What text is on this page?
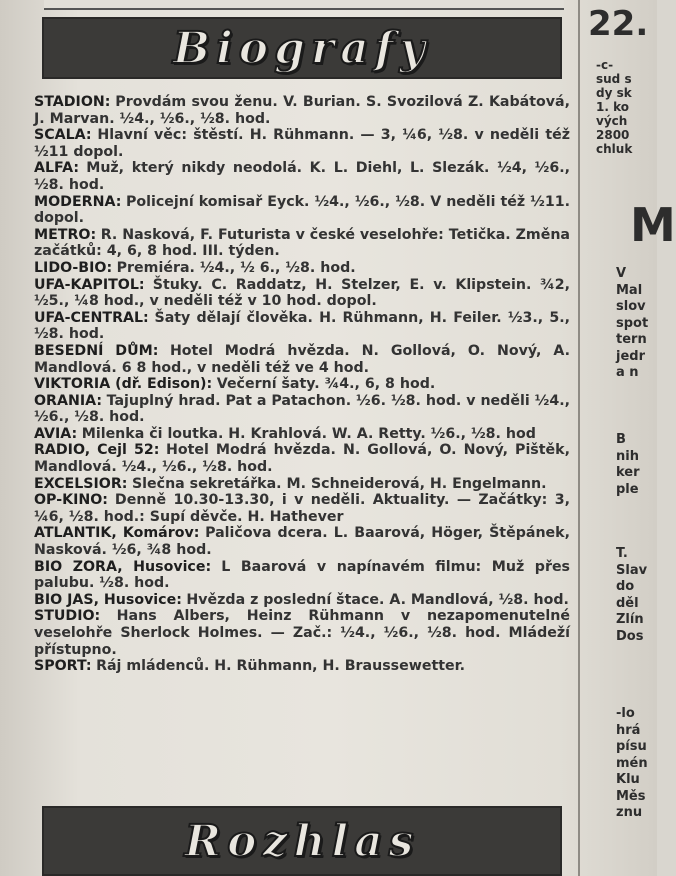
Biografy
STADION: Provdám svou ženu. V. Burian. S. Svozilová Z. Kabátová, J. Marvan. ½4., ½6., ½8. hod.
SCALA: Hlavní věc: štěstí. H. Rühmann. — 3, ¼6, ½8. v neděli též ½11 dopol.
ALFA: Muž, který nikdy neodolá. K. L. Diehl, L. Slezák. ½4, ½6., ½8. hod.
MODERNA: Policejní komisař Eyck. ½4., ½6., ½8. V neděli též ½11. dopol.
METRO: R. Nasková, F. Futurista v české veselohře: Tetička. Změna začátků: 4, 6, 8 hod. III. týden.
LIDO-BIO: Premiéra. ½4., ½ 6., ½8. hod.
UFA-KAPITOL: Štuky. C. Raddatz, H. Stelzer, E. v. Klipstein. ¾2, ½5., ¼8 hod., v neděli též v 10 hod. dopol.
UFA-CENTRAL: Šaty dělají člověka. H. Rühmann, H. Feiler. ½3., 5., ½8. hod.
BESEDNÍ DŮM: Hotel Modrá hvězda. N. Gollová, O. Nový, A. Mandlová. 6 8 hod., v neděli též ve 4 hod.
VIKTORIA (dř. Edison): Večerní šaty. ¾4., 6, 8 hod.
ORANIA: Tajuplný hrad. Pat a Patachon. ½6. ½8. hod. v neděli ½4., ½6., ½8. hod.
AVIA: Milenka či loutka. H. Krahlová. W. A. Retty. ½6., ½8. hod
RADIO, Cejl 52: Hotel Modrá hvězda. N. Gollová, O. Nový, Pištěk, Mandlová. ½4., ½6., ½8. hod.
EXCELSIOR: Slečna sekretářka. M. Schneiderová, H. Engelmann.
OP-KINO: Denně 10.30-13.30, i v neděli. Aktuality. — Začátky: 3, ¼6, ½8. hod.: Supí děvče. H. Hathever
ATLANTIK, Komárov: Paličova dcera. L. Baarová, Höger, Štěpánek, Nasková. ½6, ¾8 hod.
BIO ZORA, Husovice: L Baarová v napínavém filmu: Muž přes palubu. ½8. hod.
BIO JAS, Husovice: Hvězda z poslední štace. A. Mandlová, ½8. hod.
STUDIO: Hans Albers, Heinz Rühmann v nezapomenutelné veselohře Sherlock Holmes. — Zač.: ½4., ½6., ½8. hod. Mládeží přístupno.
SPORT: Ráj mládenců. H. Rühmann, H. Braussewetter.
Rozhlas
22.
-c-
sud s
dy sk
1. ko
vých
2800
chluk
M
V
Mal
slov
spot
tern
jedr
a n
B
nih
ker
ple
T.
Slav
do
děl
Zlín
Dos
-lo
hrá
písu
mén
Klu
Měs
znu
